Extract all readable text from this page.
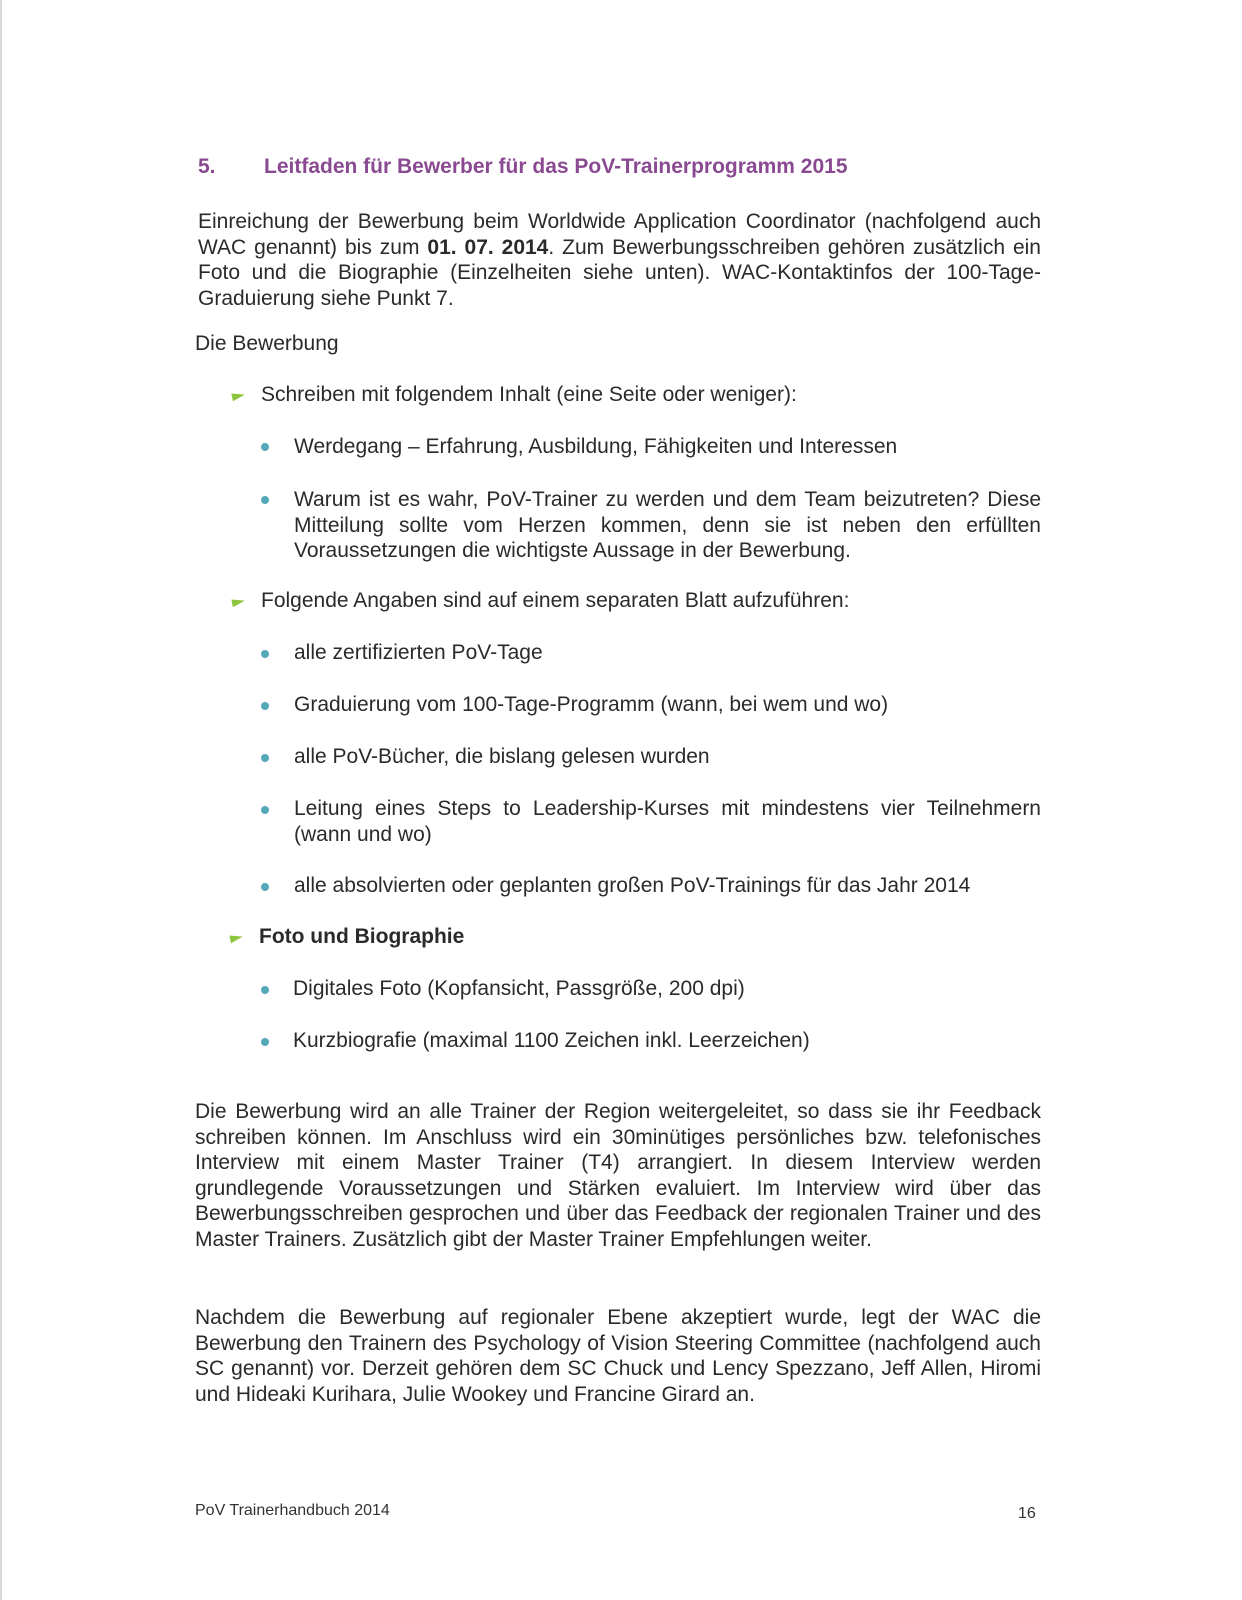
5. Leitfaden für Bewerber für das PoV-Trainerprogramm 2015
Einreichung der Bewerbung beim Worldwide Application Coordinator (nachfolgend auch WAC genannt) bis zum 01. 07. 2014. Zum Bewerbungsschreiben gehören zusätzlich ein Foto und die Biographie (Einzelheiten siehe unten). WAC-Kontaktinfos der 100-Tage-Graduierung siehe Punkt 7.
Die Bewerbung
Schreiben mit folgendem Inhalt (eine Seite oder weniger):
Werdegang – Erfahrung, Ausbildung, Fähigkeiten und Interessen
Warum ist es wahr, PoV-Trainer zu werden und dem Team beizutreten? Diese Mitteilung sollte vom Herzen kommen, denn sie ist neben den erfüllten Voraussetzungen die wichtigste Aussage in der Bewerbung.
Folgende Angaben sind auf einem separaten Blatt aufzuführen:
alle zertifizierten PoV-Tage
Graduierung vom 100-Tage-Programm (wann, bei wem und wo)
alle PoV-Bücher, die bislang gelesen wurden
Leitung eines Steps to Leadership-Kurses mit mindestens vier Teilnehmern (wann und wo)
alle absolvierten oder geplanten großen PoV-Trainings für das Jahr 2014
Foto und Biographie
Digitales Foto (Kopfansicht, Passgröße, 200 dpi)
Kurzbiografie (maximal 1100 Zeichen inkl. Leerzeichen)
Die Bewerbung wird an alle Trainer der Region weitergeleitet, so dass sie ihr Feedback schreiben können. Im Anschluss wird ein 30minütiges persönliches bzw. telefonisches Interview mit einem Master Trainer (T4) arrangiert. In diesem Interview werden grundlegende Voraussetzungen und Stärken evaluiert. Im Interview wird über das Bewerbungsschreiben gesprochen und über das Feedback der regionalen Trainer und des Master Trainers. Zusätzlich gibt der Master Trainer Empfehlungen weiter.
Nachdem die Bewerbung auf regionaler Ebene akzeptiert wurde, legt der WAC die Bewerbung den Trainern des Psychology of Vision Steering Committee (nachfolgend auch SC genannt) vor. Derzeit gehören dem SC Chuck und Lency Spezzano, Jeff Allen, Hiromi und Hideaki Kurihara, Julie Wookey und Francine Girard an.
PoV Trainerhandbuch 2014	16
